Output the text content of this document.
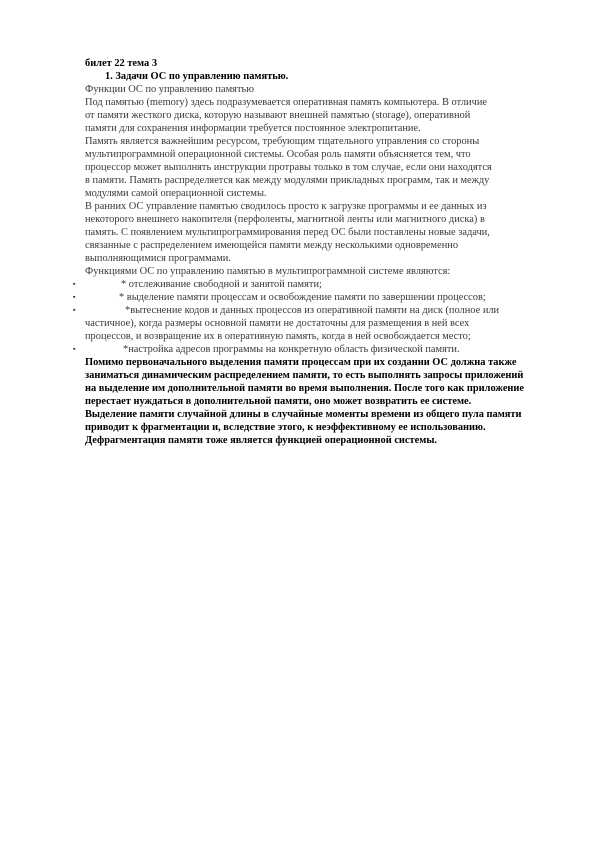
билет 22 тема 3
1. Задачи ОС по управлению памятью.
Функции ОС по управлению памятью
Под памятью (memory) здесь подразумевается оперативная память компьютера. В отличие
от памяти жесткого диска, которую называют внешней памятью (storage), оперативной
памяти для сохранения информации требуется постоянное электропитание.
Память является важнейшим ресурсом, требующим тщательного управления со стороны
мультипрограммной операционной системы. Особая роль памяти объясняется тем, что
процессор может выполнять инструкции протравы только в том случае, если они находятся
в памяти. Память распределяется как между модулями прикладных программ, так и между
модулями самой операционной системы.
В ранних ОС управление памятью сводилось просто к загрузке программы и ее данных из
некоторого внешнего накопителя (перфоленты, магнитной ленты или магнитного диска) в
память. С появлением мультипрограммирования перед ОС были поставлены новые задачи,
связанные с распределением имеющейся памяти между несколькими одновременно
выполняющимися программами.
Функциями ОС по управлению памятью в мультипрограммной системе являются:
▪	* отслеживание свободной и занятой памяти;
▪	* выделение памяти процессам и освобождение памяти по завершении процессов;
▪	*вытеснение кодов и данных процессов из оперативной памяти на диск (полное или
частичное), когда размеры основной памяти не достаточны для размещения в ней всех
процессов, и возвращение их в оперативную память, когда в ней освобождается место;
▪	*настройка адресов программы на конкретную область физической памяти.
Помимо первоначального выделения памяти процессам при их создании ОС должна также
заниматься динамическим распределением памяти, то есть выполнять запросы приложений
на выделение им дополнительной памяти во время выполнения. После того как приложение
перестает нуждаться в дополнительной памяти, оно может возвратить ее системе.
Выделение памяти случайной длины в случайные моменты времени из общего пула памяти
приводит к фрагментации и, вследствие этого, к неэффективному ее использованию.
Дефрагментация памяти тоже является функцией операционной системы.
